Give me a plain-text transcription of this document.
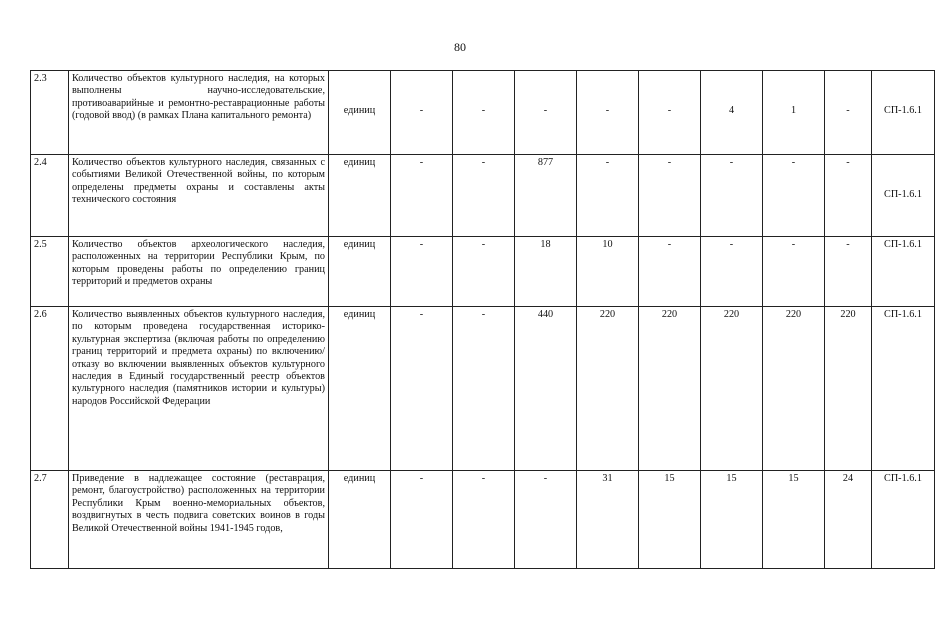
80
2.3	Количество объектов культурного наследия, на которых выполнены научно-исследовательские, противоаварийные и ремонтно-реставрационные работы (годовой ввод) (в рамках Плана капитального ремонта)	единиц	-	-	-	-	-	4	1	-	СП-1.6.1
2.4	Количество объектов культурного наследия, связанных с событиями Великой Отечественной войны, по которым определены предметы охраны и составлены акты технического состояния	единиц	-	-	877	-	-	-	-	-	СП-1.6.1
2.5	Количество объектов археологического наследия, расположенных на территории Республики Крым, по которым проведены работы по определению границ территорий и предметов охраны	единиц	-	-	18	10	-	-	-	-	СП-1.6.1
2.6	Количество выявленных объектов культурного наследия, по которым проведена государственная историко-культурная экспертиза (включая работы по определению границ территорий и предмета охраны) по включению/отказу во включении выявленных объектов культурного наследия в Единый государственный реестр объектов культурного наследия (памятников истории и культуры) народов Российской Федерации	единиц	-	-	440	220	220	220	220	220	СП-1.6.1
2.7	Приведение в надлежащее состояние (реставрация, ремонт, благоустройство) расположенных на территории Республики Крым военно-мемориальных объектов, воздвигнутых в честь подвига советских воинов в годы Великой Отечественной войны 1941-1945 годов,	единиц	-	-	-	31	15	15	15	24	СП-1.6.1
